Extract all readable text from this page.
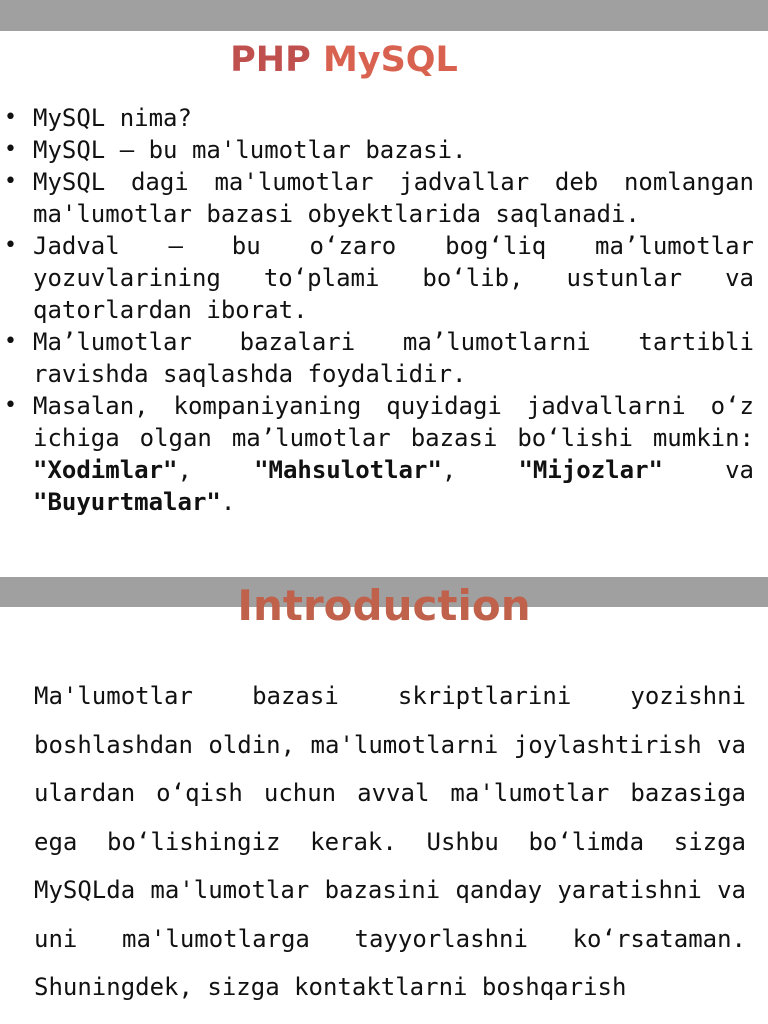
PHP MySQL
• MySQL nima?
• MySQL – bu ma'lumotlar bazasi.
• MySQL dagi ma'lumotlar jadvallar deb nomlangan ma'lumotlar bazasi obyektlarida saqlanadi.
• Jadval – bu o‘zaro bog‘liq ma’lumotlar yozuvlarining to‘plami bo‘lib, ustunlar va qatorlardan iborat.
• Ma’lumotlar bazalari ma’lumotlarni tartibli ravishda saqlashda foydalidir.
• Masalan, kompaniyaning quyidagi jadvallarni o‘z ichiga olgan ma’lumotlar bazasi bo‘lishi mumkin: "Xodimlar", "Mahsulotlar", "Mijozlar" va "Buyurtmalar".
Introduction

Ma'lumotlar bazasi skriptlarini yozishni boshlashdan oldin, ma'lumotlarni joylashtirish va ulardan o‘qish uchun avval ma'lumotlar bazasiga ega bo‘lishingiz kerak. Ushbu bo‘limda sizga MySQLda ma'lumotlar bazasini qanday yaratishni va uni ma'lumotlarga tayyorlashni ko‘rsataman. Shuningdek, sizga kontaktlarni boshqarish
